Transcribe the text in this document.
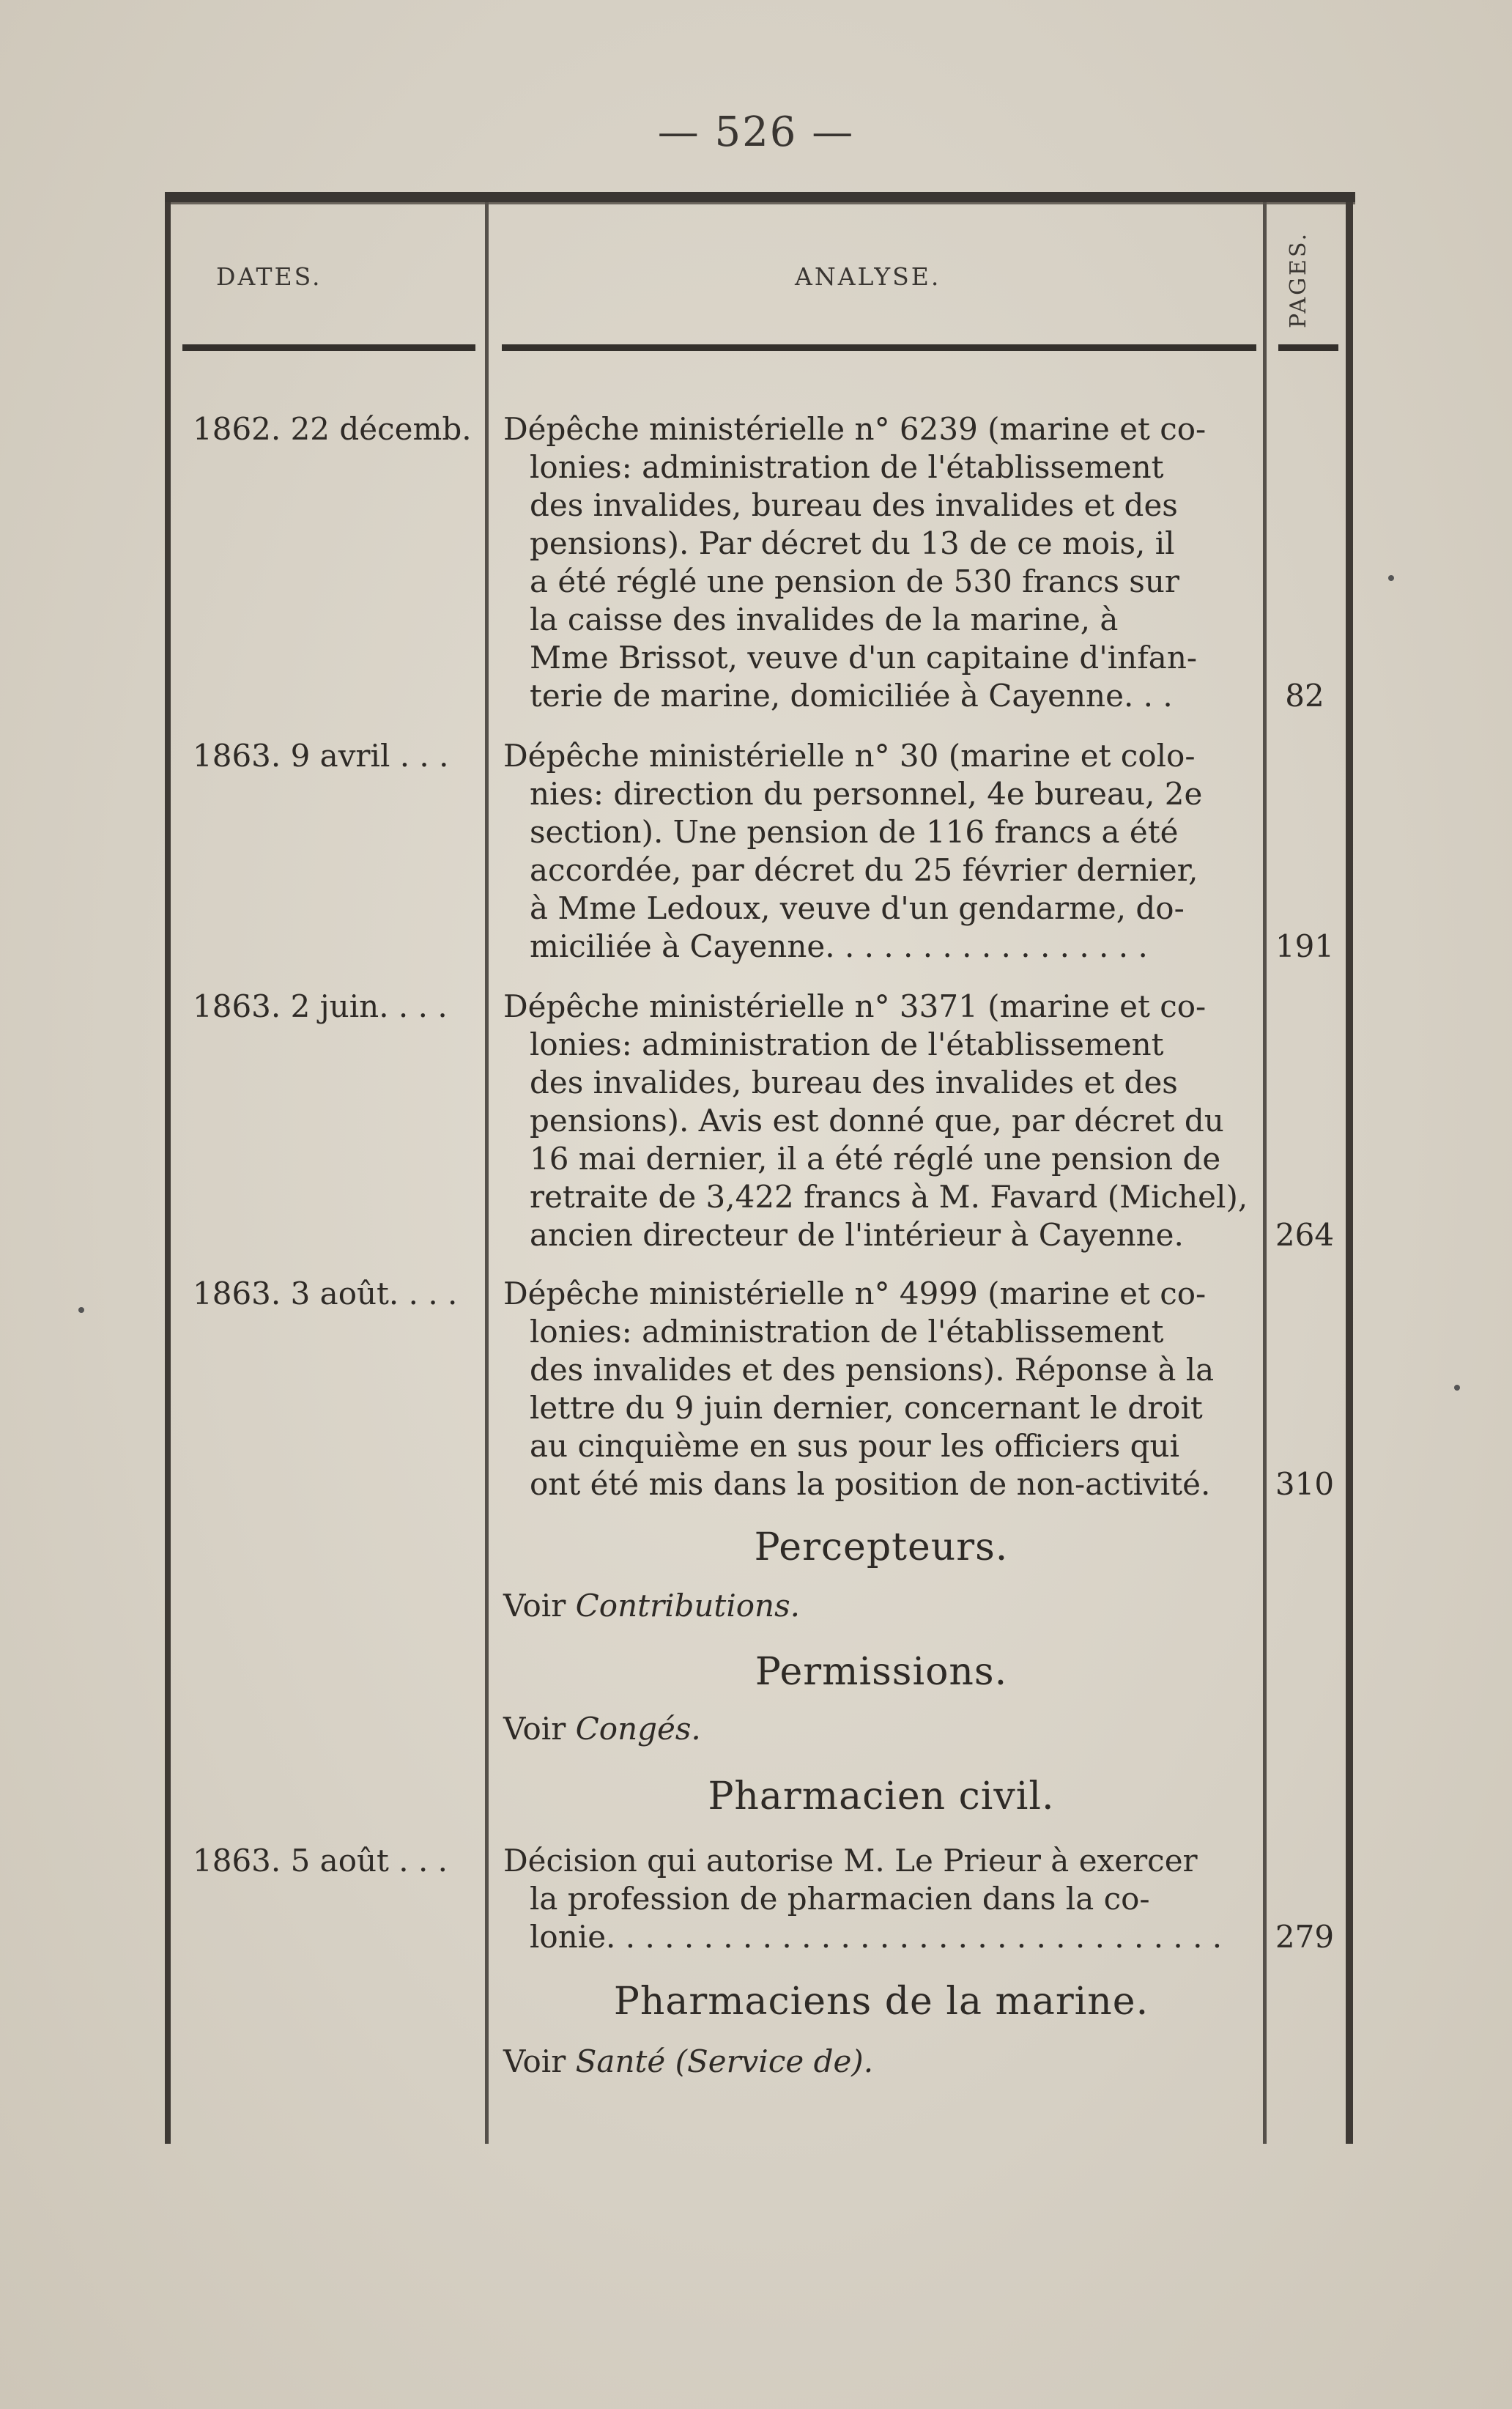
— 526 —
DATES.	ANALYSE.	PAGES.
1862. 22 décemb.	Dépêche ministérielle n° 6239 (marine et co-
lonies: administration de l'établissement
des invalides, bureau des invalides et des
pensions). Par décret du 13 de ce mois, il
a été réglé une pension de 530 francs sur
la caisse des invalides de la marine, à
Mme Brissot, veuve d'un capitaine d'infan-
terie de marine, domiciliée à Cayenne. . .	82
1863. 9 avril . . .	Dépêche ministérielle n° 30 (marine et colo-
nies: direction du personnel, 4e bureau, 2e
section). Une pension de 116 francs a été
accordée, par décret du 25 février dernier,
à Mme Ledoux, veuve d'un gendarme, do-
miciliée à Cayenne. . . . . . . . . . . . . . . . .	191
1863. 2 juin. . . .	Dépêche ministérielle n° 3371 (marine et co-
lonies: administration de l'établissement
des invalides, bureau des invalides et des
pensions). Avis est donné que, par décret du
16 mai dernier, il a été réglé une pension de
retraite de 3,422 francs à M. Favard (Michel),
ancien directeur de l'intérieur à Cayenne.	264
1863. 3 août. . . .	Dépêche ministérielle n° 4999 (marine et co-
lonies: administration de l'établissement
des invalides et des pensions). Réponse à la
lettre du 9 juin dernier, concernant le droit
au cinquième en sus pour les officiers qui
ont été mis dans la position de non-activité.	310
Percepteurs.
Voir Contributions.
Permissions.
Voir Congés.
Pharmacien civil.
1863. 5 août . . .	Décision qui autorise M. Le Prieur à exercer
la profession de pharmacien dans la co-
lonie. . . . . . . . . . . . . . . . . . . . . . . . . . . . . . . .	279
Pharmaciens de la marine.
Voir Santé (Service de).
